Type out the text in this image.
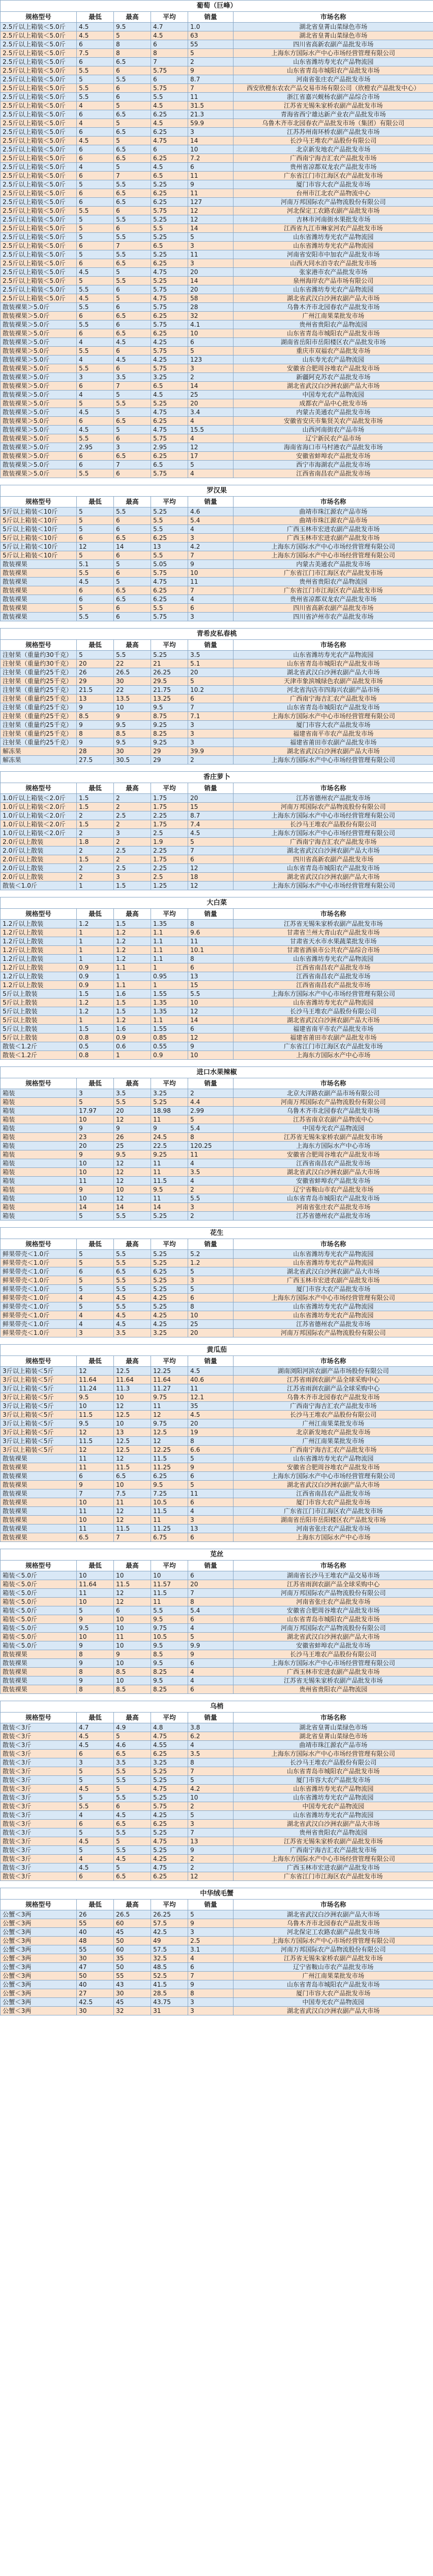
葡萄（巨峰）					
规格型号	最低	最高	平均	销量	市场名称
2.5斤以上箱装＜5.0斤	4.5	9.5	4.7	1.0	湖北省皇菁山菜绿色市场
2.5斤以上箱装＜5.0斤	4.5	5	4.5	63	湖北省皇菁山菜绿色市场
2.5斤以上箱装＜5.0斤	6	8	6	55	四川省高新农副产品批发市场
2.5斤以上箱装＜5.0斤	7.5	8	8	5	上海东方国际水产中心市场经营管理有限公司
2.5斤以上箱装＜5.0斤	6	6.5	7	2	山东省潍坊寿光农产品物流园
2.5斤以上箱装＜5.0斤	5.5	6	5.75	9	山东省青岛市城阳农产品批发市场
2.5斤以上箱装＜5.0斤	5	5.5	6	8.7	河南省张庄农产品批发市场
2.5斤以上箱装＜5.0斤	5.5	6	5.75	7	西安欣橙东农农产品交易市场有限公司（欣橙农产品批发中心）
2.5斤以上箱装＜5.0斤	5.5	6	5.5	11	浙江省嘉兴蚬杨农副产品综合市场
2.5斤以上箱装＜5.0斤	4	5	4.5	31.5	江苏省无锡朱家桥农副产品批发市场
2.5斤以上箱装＜5.0斤	6	6.5	6.25	21.3	青海省西宁雄达新产业农产品批发市场
2.5斤以上箱装＜5.0斤	4	5	4.5	59.9	乌鲁木齐市北园春农产品批发市场（集团）有限公司
2.5斤以上箱装＜5.0斤	6	6.5	6.25	3	江苏苏州南环桥农副产品批发市场
2.5斤以上箱装＜5.0斤	4.5	5	4.75	14	长沙马王堆农产品股份有限公司
2.5斤以上箱装＜5.0斤	6	6.5	6	10	北京新发地农产品批发市场
2.5斤以上箱装＜5.0斤	6	6.5	6.25	7.2	广西南宁海吉汇农产品批发市场
2.5斤以上箱装＜5.0斤	4	5	4.5	6	贵州省凉都双龙农产品批发市场
2.5斤以上箱装＜5.0斤	6	7	6.5	11	广东省江门市江海区农产品批发市场
2.5斤以上箱装＜5.0斤	5	5.5	5.25	9	厦门市容大农产品批发市场
2.5斤以上箱装＜5.0斤	6	6.5	6.25	11	台州市江北农产品物流中心
2.5斤以上箱装＜5.0斤	6	6.5	6.25	127	河南万邦国际农产品物流股份有限公司
2.5斤以上箱装＜5.0斤	5.5	6	5.75	12	河北保定工农路农副产品批发市场
2.5斤以上箱装＜5.0斤	5	5.5	5.25	12	吉林市河南街水果批发市场
2.5斤以上箱装＜5.0斤	5	6	5.5	14	江西省九江市琳家河农产品批发市场
2.5斤以上箱装＜5.0斤	5	5.5	5.25	5	山东省潍坊寿光农产品物流园
2.5斤以上箱装＜5.0斤	6	7	6.5	3	山东省潍坊寿光农产品物流园
2.5斤以上箱装＜5.0斤	5	5.5	5.25	11	河南省安阳市中加农产品批发市场
2.5斤以上箱装＜5.0斤	6	6.5	6.25	3	山西大同水泊寺农产品批发市场
2.5斤以上箱装＜5.0斤	4.5	5	4.75	20	张家港市农产品批发市场
2.5斤以上箱装＜5.0斤	5	5.5	5.25	14	泉州海岸农产品市场有限公司
2.5斤以上箱装＜5.0斤	5.5	6	5.75	20	山东省潍坊寿光农产品物流园
2.5斤以上箱装＜5.0斤	4.5	5	4.75	58	湖北省武汉白沙洲农副产品大市场
散装裸果＞5.0斤	5.5	6	5.75	28	乌鲁木齐市北园春农产品批发市场
散装裸果＞5.0斤	6	6.5	6.25	32	广州江南果菜批发市场
散装裸果＞5.0斤	5.5	6	5.75	4.1	贵州省贵阳农产品物流园
散装裸果＞5.0斤	6	6.5	6.25	10	山东省青岛市城阳农产品批发市场
散装裸果＞5.0斤	4	4.5	4.25	6	湖南省岳阳市岳阳楼区农产品批发市场
散装裸果＞5.0斤	5.5	6	5.75	5	重庆市双福农产品批发市场
散装裸果＞5.0斤	4	4.5	4.25	123	山东寿光农产品物流园
散装裸果＞5.0斤	5.5	6	5.75	3	安徽省合肥周谷堆农产品批发市场
散装裸果＞5.0斤	3	3.5	3.25	2	新疆阿克苏农产品批发市场
散装裸果＞5.0斤	6	7	6.5	14	湖北省武汉白沙洲农副产品大市场
散装裸果＞5.0斤	4	5	4.5	25	中国寿光农产品物流园
散装裸果＞5.0斤	5	5.5	5.25	20	成都农产品中心批发市场
散装裸果＞5.0斤	4.5	5	4.75	3.4	内蒙古美通农产品批发市场
散装裸果＞5.0斤	6	6.5	6.25	4	安徽省安庆市集贤关农产品批发市场
散装裸果＞5.0斤	4.5	5	4.75	15.5	山西河南街农产品市场
散装裸果＞5.0斤	5.5	6	5.75	4	辽宁新民农产品市场
散装裸果＞5.0斤	2.95	3	2.95	12	海南省海口市马村港农产品批发市场
散装裸果＞5.0斤	6	6.5	6.25	17	安徽省蚌埠农产品批发市场
散装裸果＞5.0斤	6	7	6.5	5	西宁市海湖农产品批发市场
散装裸果＞5.0斤	5.5	6	5.75	4	江西省南昌农产品批发市场

罗汉果					
规格型号	最低	最高	平均	销量	市场名称
5斤以上箱装＜10斤	5	5.5	5.25	4.6	曲靖市珠江源农产品市场
5斤以上箱装＜10斤	5	6	5.5	5.4	曲靖市珠江源农产品市场
5斤以上箱装＜10斤	5	6	5.5	4	广西玉林市宏进农副产品批发市场
5斤以上箱装＜10斤	6	6.5	6.25	3	广西玉林市宏进农副产品批发市场
5斤以上箱装＜10斤	12	14	13	4.2	上海东方国际水产中心市场经营管理有限公司
5斤以上箱装＜10斤	5	6	5.5	7	上海东方国际水产中心市场经营管理有限公司
散装裸果	5.1	5	5.05	9	内蒙古美通农产品批发市场
散装裸果	5.5	6	5.75	10	广东省江门市江海区农产品批发市场
散装裸果	4.5	5	4.75	11	贵州省贵阳农产品物流园
散装裸果	6	6.5	6.25	7	广东省江门市江海区农产品批发市场
散装裸果	6	6.5	6.25	4	贵州省凉都双龙农产品批发市场
散装裸果	5	6	5.5	6	四川省高新农副产品批发市场
散装裸果	5.5	6	5.75	3	四川省泸州市农产品批发市场

青希皮私春桃					
规格型号	最低	最高	平均	销量	市场名称
注射果（重量约30千克）	5	5.5	5.25	3.5	山东省潍坊寿光农产品物流园
注射果（重量约30千克）	20	22	21	5.1	山东省青岛市城阳农产品批发市场
注射果（重量约25千克）	26	26.5	26.25	20	湖北省武汉白沙洲农副产品大市场
注射果（重量约25千克）	29	30	29.5	5	天津市象滨城绿色农副产品批发市场
注射果（重量约25千克）	21.5	22	21.75	10.2	河北省沟店市四海兴农副产品市场
注射果（重量约25千克）	13	13.5	13.25	6	广西南宁海吉汇农产品批发市场
注射果（重量约25千克）	9	10	9.5	7	山东省青岛市城阳农产品批发市场
注射果（重量约25千克）	8.5	9	8.75	7.1	上海东方国际水产中心市场经营管理有限公司
注射果（重量约25千克）	9	9.5	9.25	3	厦门市容大农产品批发市场
注射果（重量约25千克）	8	8.5	8.25	3	福建省南平市农产品批发市场
注射果（重量约25千克）	9	9.5	9.25	3	福建省莆田市农副产品批发市场
解冻果	28	30	29	39.9	湖北省武汉白沙洲农副产品大市场
解冻果	27.5	30.5	29	2	上海东方国际水产中心市场经营管理有限公司

香庄萝卜					
规格型号	最低	最高	平均	销量	市场名称
1.0斤以上箱装＜2.0斤	1.5	2	1.75	20	江苏省德州农产品批发市场
1.0斤以上箱装＜2.0斤	1.5	2	1.75	15	河南万邦国际农产品物流股份有限公司
1.0斤以上箱装＜2.0斤	2	2.5	2.25	8.7	上海东方国际水产中心市场经营管理有限公司
1.0斤以上箱装＜2.0斤	1.5	2	1.75	7.4	长沙马王堆农产品股份有限公司
1.0斤以上箱装＜2.0斤	2	3	2.5	4.5	上海东方国际水产中心市场经营管理有限公司
2.0斤以上散装	1.8	2	1.9	5	广西南宁海吉汇农产品批发市场
2.0斤以上散装	2	2.5	2.25	7	湖北省武汉白沙洲农副产品大市场
2.0斤以上散装	1.5	2	1.75	6	四川省高新农副产品批发市场
2.0斤以上散装	2	2.5	2.25	12	山东省青岛市城阳农产品批发市场
2.0斤以上散装	2	3	2.5	18	湖北省武汉白沙洲农副产品大市场
散装＜1.0斤	1	1.5	1.25	12	上海东方国际水产中心市场经营管理有限公司

大白菜					
规格型号	最低	最高	平均	销量	市场名称
1.2斤以上散装	1.2	1.5	1.35	8	江苏省无锡朱家桥农副产品批发市场
1.2斤以上散装	1	1.2	1.1	9.6	甘肃省兰州大青山农产品批发市场
1.2斤以上散装	1	1.2	1.1	11	甘肃省天水市水果蔬菜批发市场
1.2斤以上散装	1	1.2	1.1	10.1	甘肃省酒泉市公共农产品综合市场
1.2斤以上散装	1	1.2	1.1	8	山东省潍坊寿光农产品物流园
1.2斤以上散装	0.9	1.1	1	6	江西省南昌农产品批发市场
1.2斤以上散装	0.9	1	0.95	13	江西省南昌农产品批发市场
1.2斤以上散装	0.9	1.1	1	15	江西省南昌农产品批发市场
5斤以上散装	1.5	1.6	1.55	5.5	上海东方国际水产中心市场经营管理有限公司
5斤以上散装	1.2	1.5	1.35	10	山东省潍坊寿光农产品物流园
5斤以上散装	1.2	1.5	1.35	12	长沙马王堆农产品股份有限公司
5斤以上散装	1	1.2	1.1	14	湖北省武汉白沙洲农副产品大市场
5斤以上散装	1.5	1.6	1.55	6	福建省南平市农产品批发市场
5斤以上散装	0.8	0.9	0.85	12	福建省莆田市农副产品批发市场
散装＜1.2斤	0.5	0.6	0.55	9	广东省江门市江海区农产品批发市场
散装＜1.2斤	0.8	1	0.9	10	上海东方国际水产中心市场

进口水果辣椒					
规格型号	最低	最高	平均	销量	市场名称
箱装	3	3.5	3.25	2	北京大洋路农副产品市场有限公司
箱装	5	5.5	5.25	4.4	河南万邦国际农产品物流股份有限公司
箱装	17.97	20	18.98	2.99	乌鲁木齐市北园春农产品批发市场
箱装	10	12	11	5	江苏省南京农副产品物流中心
箱装	9	9	9	5.4	中国寿光农产品物流园
箱装	23	26	24.5	8	江苏省无锡朱家桥农副产品批发市场
箱装	20	25	22.5	120.25	上海东方国际水产中心市场
箱装	9	9.5	9.25	11	安徽省合肥周谷堆农产品批发市场
箱装	10	12	11	4	江西省南昌农产品批发市场
箱装	10	12	11	3.5	湖北省武汉白沙洲农副产品大市场
箱装	11	12	11.5	4	安徽省蚌埠农产品批发市场
箱装	9	10	9.5	2	辽宁省鞍山市农产品批发市场
箱装	10	12	11	5.5	山东省青岛市城阳农产品批发市场
箱装	14	14	14	3	河南省张庄农产品批发市场
箱装	5	5.5	5.25	2	江苏省德州农产品批发市场

花生					
规格型号	最低	最高	平均	销量	市场名称
鲜果带壳＜1.0斤	5	5.5	5.25	5.2	山东省潍坊寿光农产品物流园
鲜果带壳＜1.0斤	5	5.5	5.25	1.2	山东省潍坊寿光农产品物流园
鲜果带壳＜1.0斤	6	6.5	6.25	5	湖北省武汉白沙洲农副产品大市场
鲜果带壳＜1.0斤	5	5.5	5.25	3	广西玉林市宏进农副产品批发市场
鲜果带壳＜1.0斤	5	5.5	5.25	5	厦门市容大农产品批发市场
鲜果带壳＜1.0斤	4	4.5	4.25	6	上海东方国际水产中心市场经营管理有限公司
鲜果带壳＜1.0斤	5	5.5	5.25	8	山东省潍坊寿光农产品物流园
鲜果带壳＜1.0斤	4	4.5	4.25	10	山东省潍坊寿光农产品物流园
鲜果带壳＜1.0斤	4	4.5	4.25	25	江苏省德州农产品批发市场
鲜果带壳＜1.0斤	3	3.5	3.25	20	河南万邦国际农产品物流股份有限公司

黄瓜茄					
规格型号	最低	最高	平均	销量	市场名称
3斤以上箱装＜5斤	12	12.5	12.25	4.5	湖南浏阳河滨农副产品市场股份有限公司
3斤以上箱装＜5斤	11.64	11.64	11.64	40.6	江苏省雨润农副产品全球采购中心
3斤以上箱装＜5斤	11.24	11.3	11.27	11	江苏省雨润农副产品全球采购中心
3斤以上箱装＜5斤	9.5	10	9.75	12.1	乌鲁木齐市北园春农产品批发市场
3斤以上箱装＜5斤	10	12	11	35	广西南宁海吉汇农产品批发市场
3斤以上箱装＜5斤	11.5	12.5	12	4.5	长沙马王堆农产品股份有限公司
3斤以上箱装＜5斤	9.5	10	9.75	20	广州江南果菜批发市场
3斤以上箱装＜5斤	12	13	12.5	19	北京新发地农产品批发市场
3斤以上箱装＜5斤	11.5	12.5	12	8	广州江南果菜批发市场
3斤以上箱装＜5斤	12	12.5	12.25	6.6	广西南宁海吉汇农产品批发市场
散装裸果	11	12	11.5	5	山东省潍坊寿光农产品物流园
散装裸果	11	11.5	11.25	9	安徽省合肥周谷堆农产品批发市场
散装裸果	6	6.5	6.25	6	上海东方国际水产中心市场经营管理有限公司
散装裸果	9	10	9.5	5	湖北省武汉白沙洲农副产品大市场
散装裸果	7	7.5	7.25	11	江西省南昌农产品批发市场
散装裸果	10	11	10.5	6	厦门市容大农产品批发市场
散装裸果	11	12	11.5	4	广东省江门市江海区农产品批发市场
散装裸果	10	12	11	3	湖南省岳阳市岳阳楼区农产品批发市场
散装裸果	11	11.5	11.25	13	河南省张庄农产品批发市场
散装裸果	6.5	7	6.75	6	上海东方国际水产中心市场

苋丝					
规格型号	最低	最高	平均	销量	市场名称
箱装＜5.0斤	10	10	10	6	湖南省长沙马王堆农产品交易市场
箱装＜5.0斤	11.64	11.5	11.57	20	江苏省雨润农副产品全球采购中心
箱装＜5.0斤	11	12	11.5	7	河南万邦国际农产品物流股份有限公司
箱装＜5.0斤	10	12	11	8	河南省张庄农产品批发市场
箱装＜5.0斤	5	6	5.5	5.4	安徽省合肥周谷堆农产品批发市场
箱装＜5.0斤	9	10	9.5	6	山东省青岛市城阳农产品批发市场
箱装＜5.0斤	9.5	10	9.75	4	河南万邦国际农产品物流股份有限公司
箱装＜5.0斤	10	11	10.5	5	湖北省武汉白沙洲农副产品大市场
箱装＜5.0斤	9	10	9.5	9.9	安徽省蚌埠农产品批发市场
散装裸果	8	9	8.5	9	长沙马王堆农产品股份有限公司
散装裸果	9	10	9.5	6	上海东方国际水产中心市场经营管理有限公司
散装裸果	8	8.5	8.25	4	广西玉林市宏进农副产品批发市场
散装裸果	9	10	9.5	4	江苏省无锡朱家桥农副产品批发市场
散装裸果	8	8.5	8.25	6	贵州省贵阳农产品物流园

乌梢					
规格型号	最低	最高	平均	销量	市场名称
散装＜3斤	4.7	4.9	4.8	3.8	湖北省皇菁山菜绿色市场
散装＜3斤	4.5	5	4.75	6.2	湖北省皇菁山菜绿色市场
散装＜3斤	4.5	4.6	4.55	4	曲靖市珠江源农产品市场
散装＜3斤	6	6.5	6.25	3.5	上海东方国际水产中心市场经营管理有限公司
散装＜3斤	3	3.5	3.25	8	长沙马王堆农产品股份有限公司
散装＜3斤	5	5.5	5.25	7	山东省青岛市城阳农产品批发市场
散装＜3斤	5	5.5	5.25	5	厦门市容大农产品批发市场
散装＜3斤	4.5	5	4.75	4.2	山东省潍坊寿光农产品物流园
散装＜3斤	5	5.5	5.25	10	山东省潍坊寿光农产品物流园
散装＜3斤	5.5	6	5.75	2	中国寿光农产品物流园
散装＜3斤	4	4.5	4.25	5	山东省潍坊寿光农产品物流园
散装＜3斤	6	6.5	6.25	3	湖北省武汉白沙洲农副产品大市场
散装＜3斤	5	5.5	5.25	7	贵州省贵阳农产品物流园
散装＜3斤	4.5	5	4.75	13	江苏省无锡朱家桥农副产品批发市场
散装＜3斤	5	5.5	5.25	9	广西南宁海吉汇农产品批发市场
散装＜3斤	4	4.5	4.25	2	上海东方国际水产中心市场经营管理有限公司
散装＜3斤	4.5	5	4.75	2	广西玉林市宏进农副产品批发市场
散装＜3斤	6	6.5	6.25	12	广东省江门市江海区农产品批发市场

中华绒毛蟹					
规格型号	最低	最高	平均	销量	市场名称
公蟹＜3两	26	26.5	26.25	5	湖北省武汉白沙洲农副产品大市场
公蟹＜3两	55	60	57.5	9	乌鲁木齐市北园春农产品批发市场
公蟹＜3两	40	45	42.5	3	河北保定工农路农副产品批发市场
公蟹＜3两	48	50	49	2.5	上海东方国际水产中心市场经营管理有限公司
公蟹＜3两	55	60	57.5	3.1	河南万邦国际农产品物流股份有限公司
公蟹＜3两	30	35	32.5	4	江苏省无锡朱家桥农副产品批发市场
公蟹＜3两	47	50	48.5	6	辽宁省鞍山市农产品批发市场
公蟹＜3两	50	55	52.5	7	广州江南果菜批发市场
公蟹＜3两	40	43	41.5	9	山东省青岛市城阳农产品批发市场
公蟹＜3两	27	30	28.5	8	厦门市容大农产品批发市场
公蟹＜3两	42.5	45	43.75	3	中国寿光农产品物流园
公蟹＜3两	30	32	31	3	湖北省武汉白沙洲农副产品大市场
